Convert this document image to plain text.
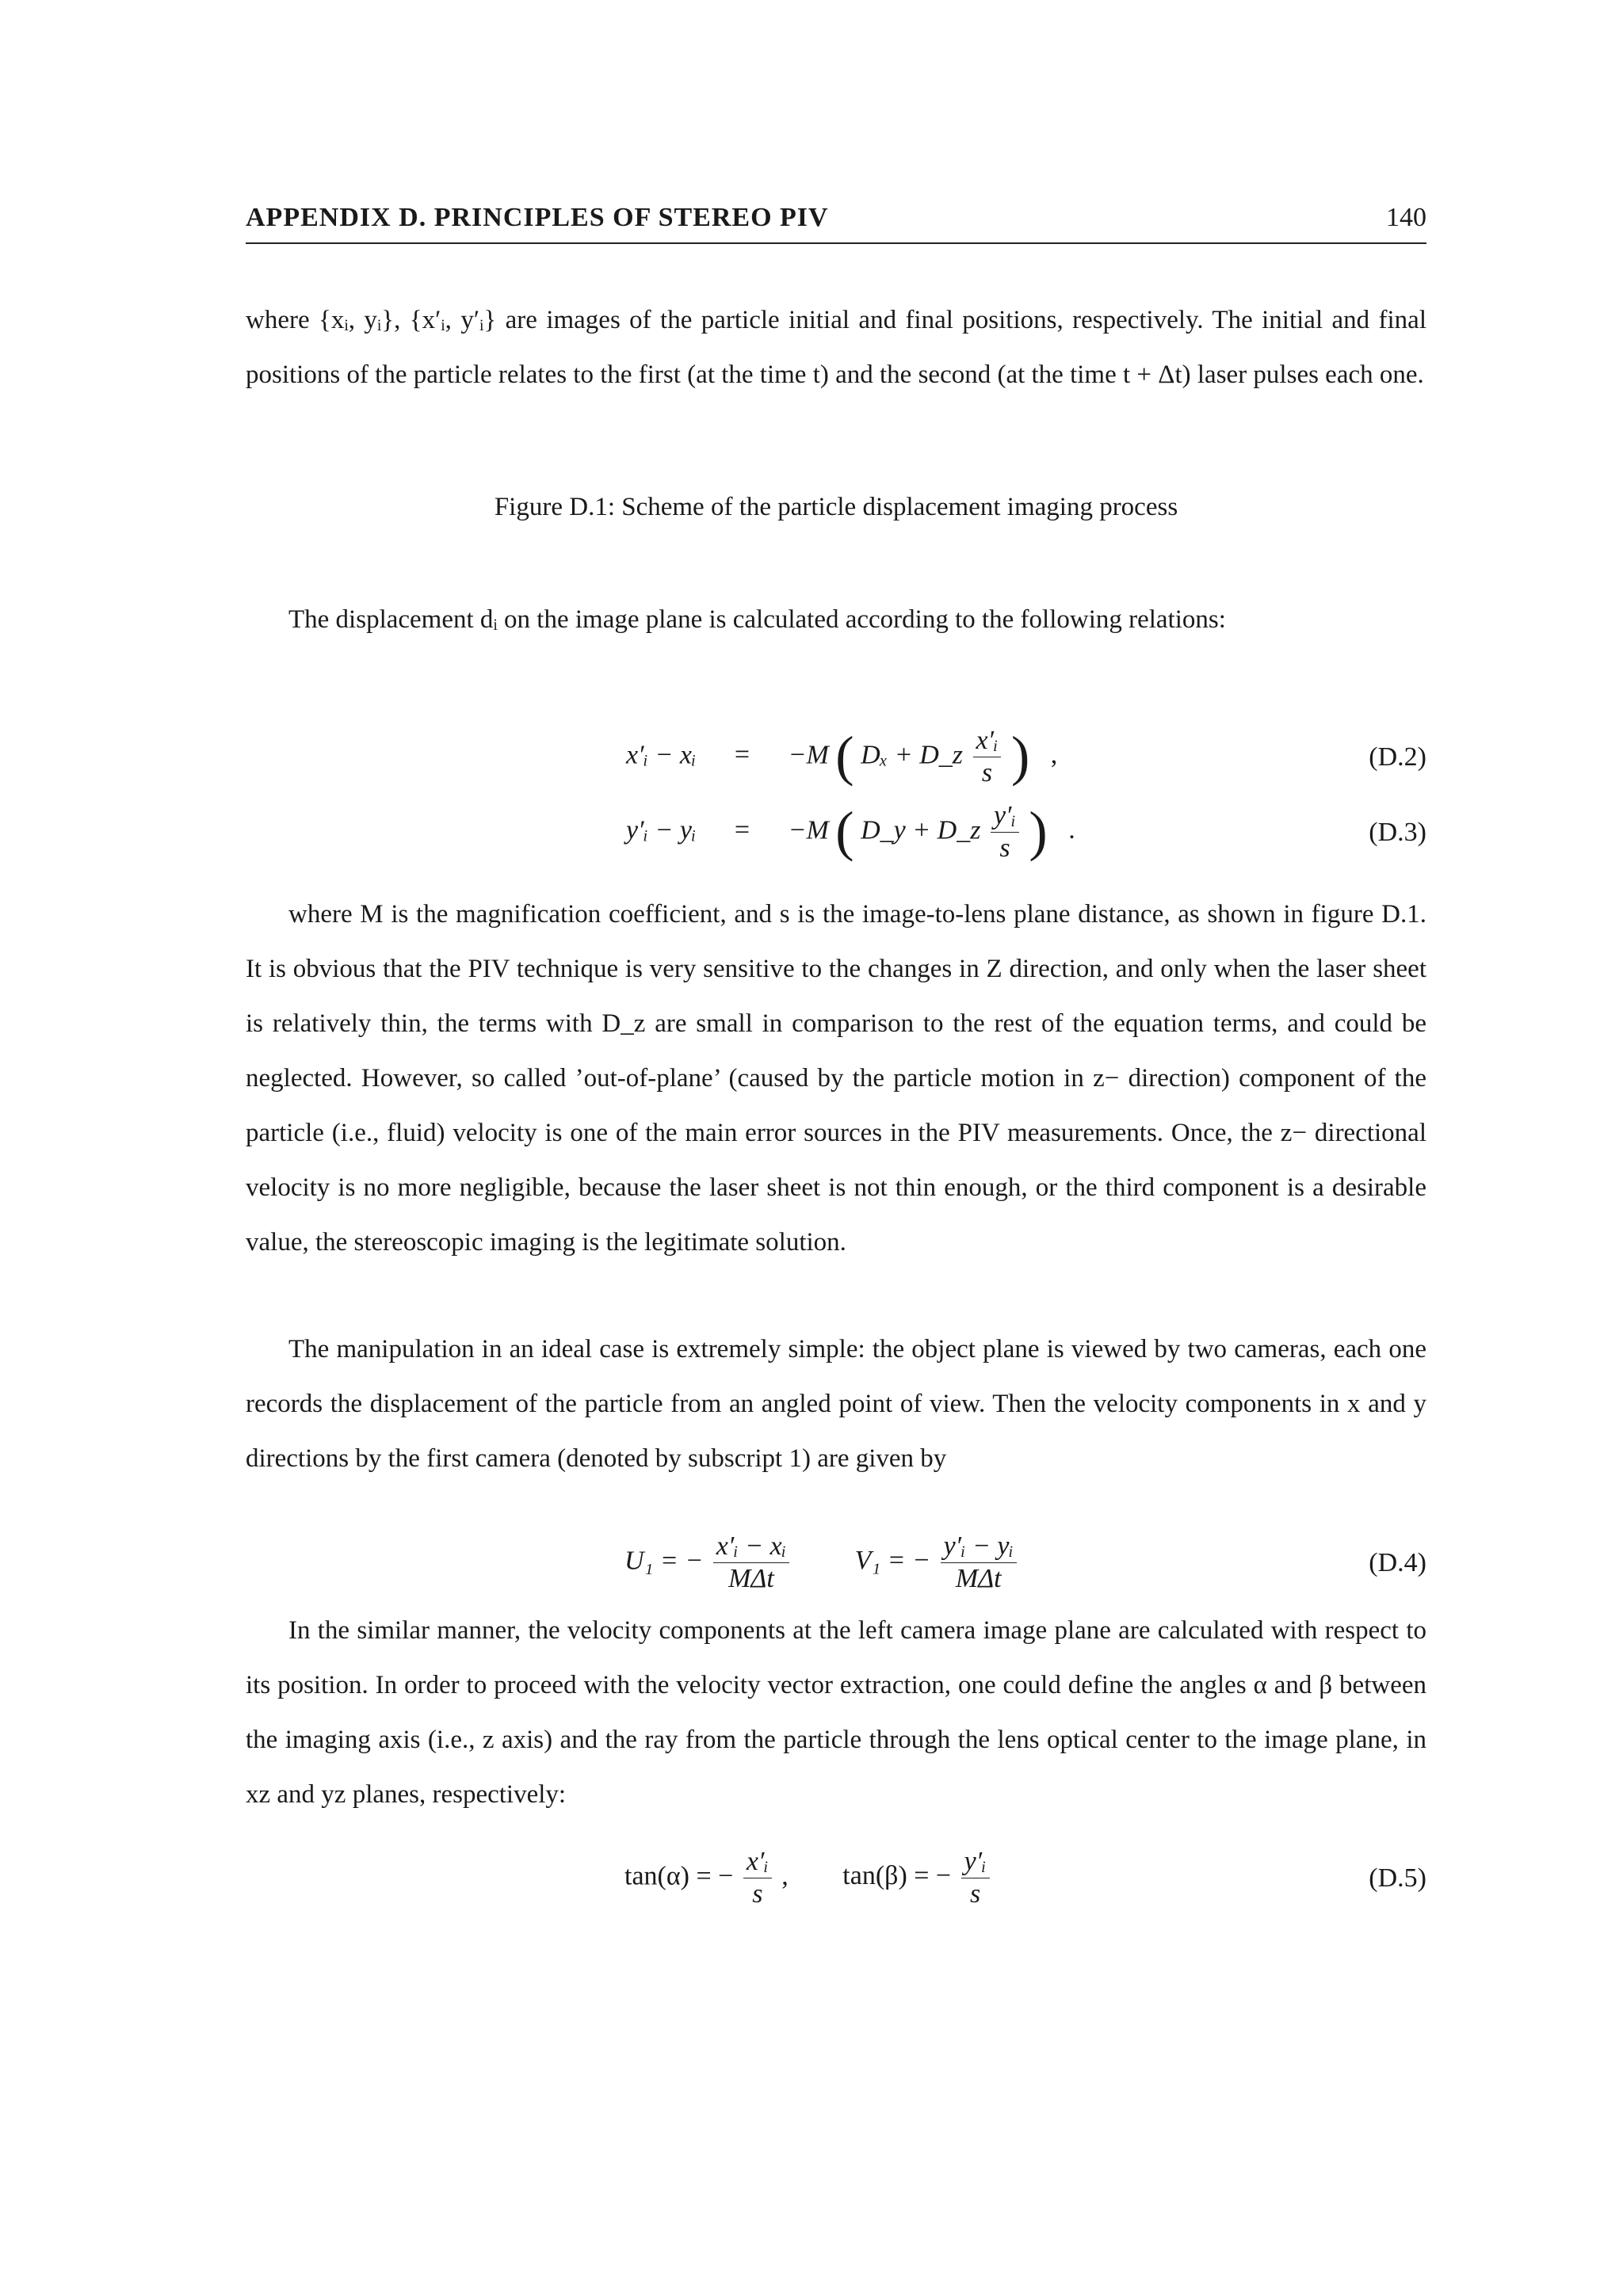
APPENDIX D. PRINCIPLES OF STEREO PIV	140
where {xᵢ, yᵢ}, {x′ᵢ, y′ᵢ} are images of the particle initial and final positions, respectively. The initial and final positions of the particle relates to the first (at the time t) and the second (at the time t + Δt) laser pulses each one.
Figure D.1: Scheme of the particle displacement imaging process
The displacement dᵢ on the image plane is calculated according to the following relations:
x′ᵢ − xᵢ = −M ( Dₓ + D_z $\frac{\text{x′ᵢ}}{s}$ ) ,	(D.2)
y′ᵢ − yᵢ = −M ( D_y + D_z $\frac{\text{y′ᵢ}}{s}$ ) .	(D.3)
where M is the magnification coefficient, and s is the image-to-lens plane distance, as shown in figure D.1. It is obvious that the PIV technique is very sensitive to the changes in Z direction, and only when the laser sheet is relatively thin, the terms with D_z are small in comparison to the rest of the equation terms, and could be neglected. However, so called ’out-of-plane’ (caused by the particle motion in z− direction) component of the particle (i.e., fluid) velocity is one of the main error sources in the PIV measurements. Once, the z− directional velocity is no more negligible, because the laser sheet is not thin enough, or the third component is a desirable value, the stereoscopic imaging is the legitimate solution.
The manipulation in an ideal case is extremely simple: the object plane is viewed by two cameras, each one records the displacement of the particle from an angled point of view. Then the velocity components in x and y directions by the first camera (denoted by subscript 1) are given by
U₁ = − $\frac{\text{x′ᵢ − xᵢ}}{\text{MΔt}} V_1$ = − $\frac{\text{y′ᵢ − yᵢ}}{\text{MΔt}}$	(D.4)
In the similar manner, the velocity components at the left camera image plane are calculated with respect to its position. In order to proceed with the velocity vector extraction, one could define the angles α and β between the imaging axis (i.e., z axis) and the ray from the particle through the lens optical center to the image plane, in xz and yz planes, respectively:
tan(α) = − $\frac{\text{x′ᵢ}}{s}$ , tan(β) = − $\frac{\text{y′ᵢ}}{s}$	(D.5)
